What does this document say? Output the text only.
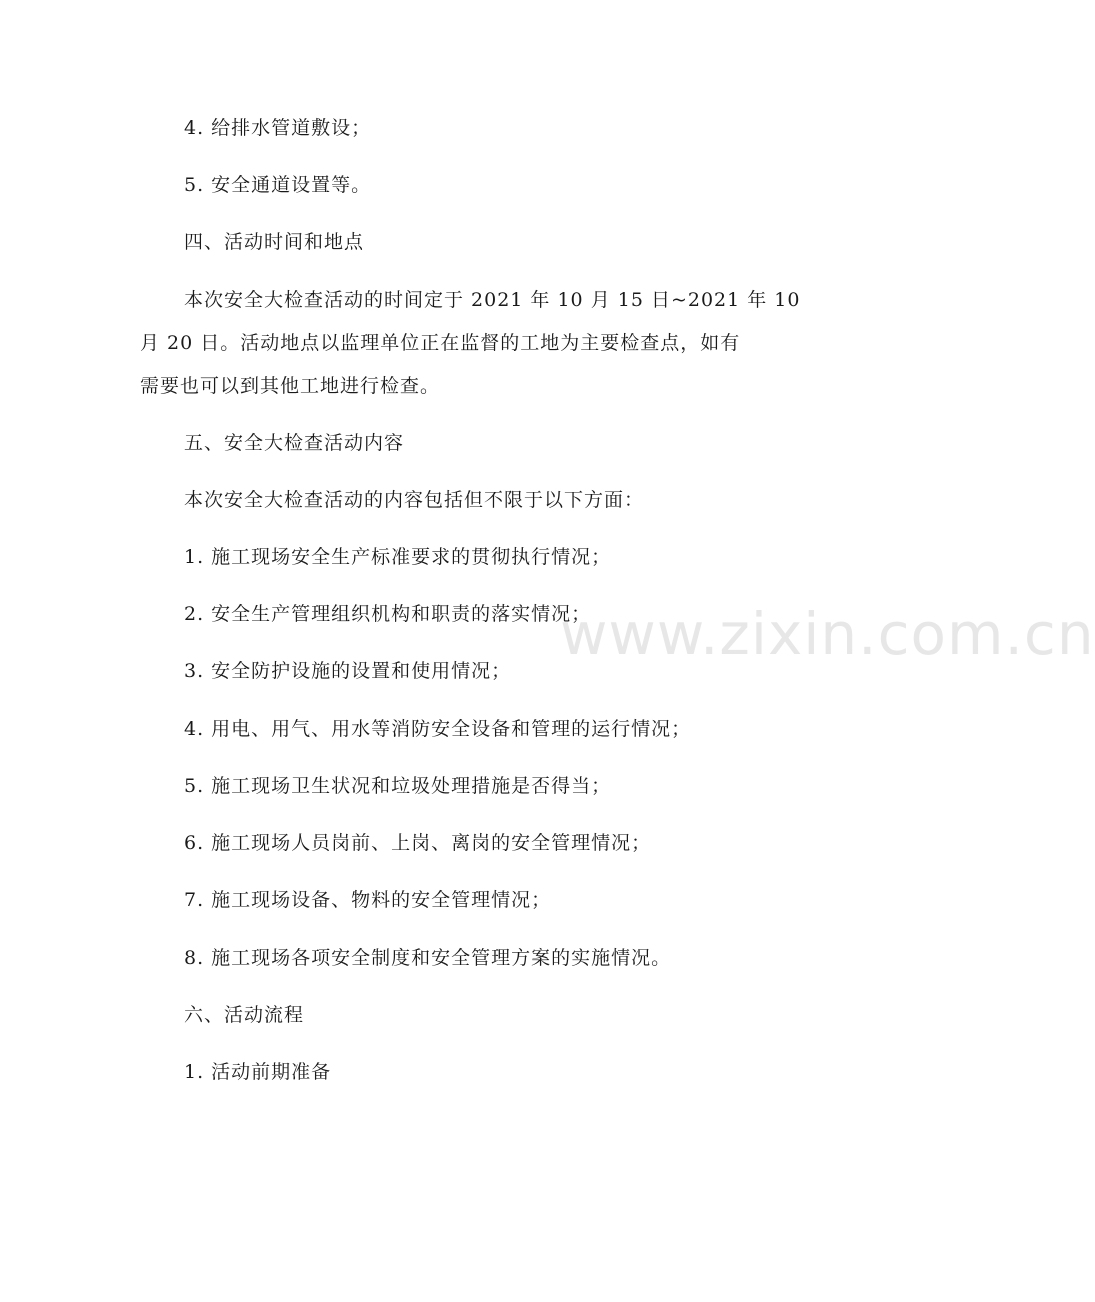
4. 给排水管道敷设；
5. 安全通道设置等。
四、活动时间和地点
本次安全大检查活动的时间定于 2021 年 10 月 15 日~2021 年 10
月 20 日。活动地点以监理单位正在监督的工地为主要检查点，如有
需要也可以到其他工地进行检查。
五、安全大检查活动内容
本次安全大检查活动的内容包括但不限于以下方面：
1. 施工现场安全生产标准要求的贯彻执行情况；
2. 安全生产管理组织机构和职责的落实情况；
3. 安全防护设施的设置和使用情况；
4. 用电、用气、用水等消防安全设备和管理的运行情况；
5. 施工现场卫生状况和垃圾处理措施是否得当；
6. 施工现场人员岗前、上岗、离岗的安全管理情况；
7. 施工现场设备、物料的安全管理情况；
8. 施工现场各项安全制度和安全管理方案的实施情况。
六、活动流程
1. 活动前期准备
www.zixin.com.cn
